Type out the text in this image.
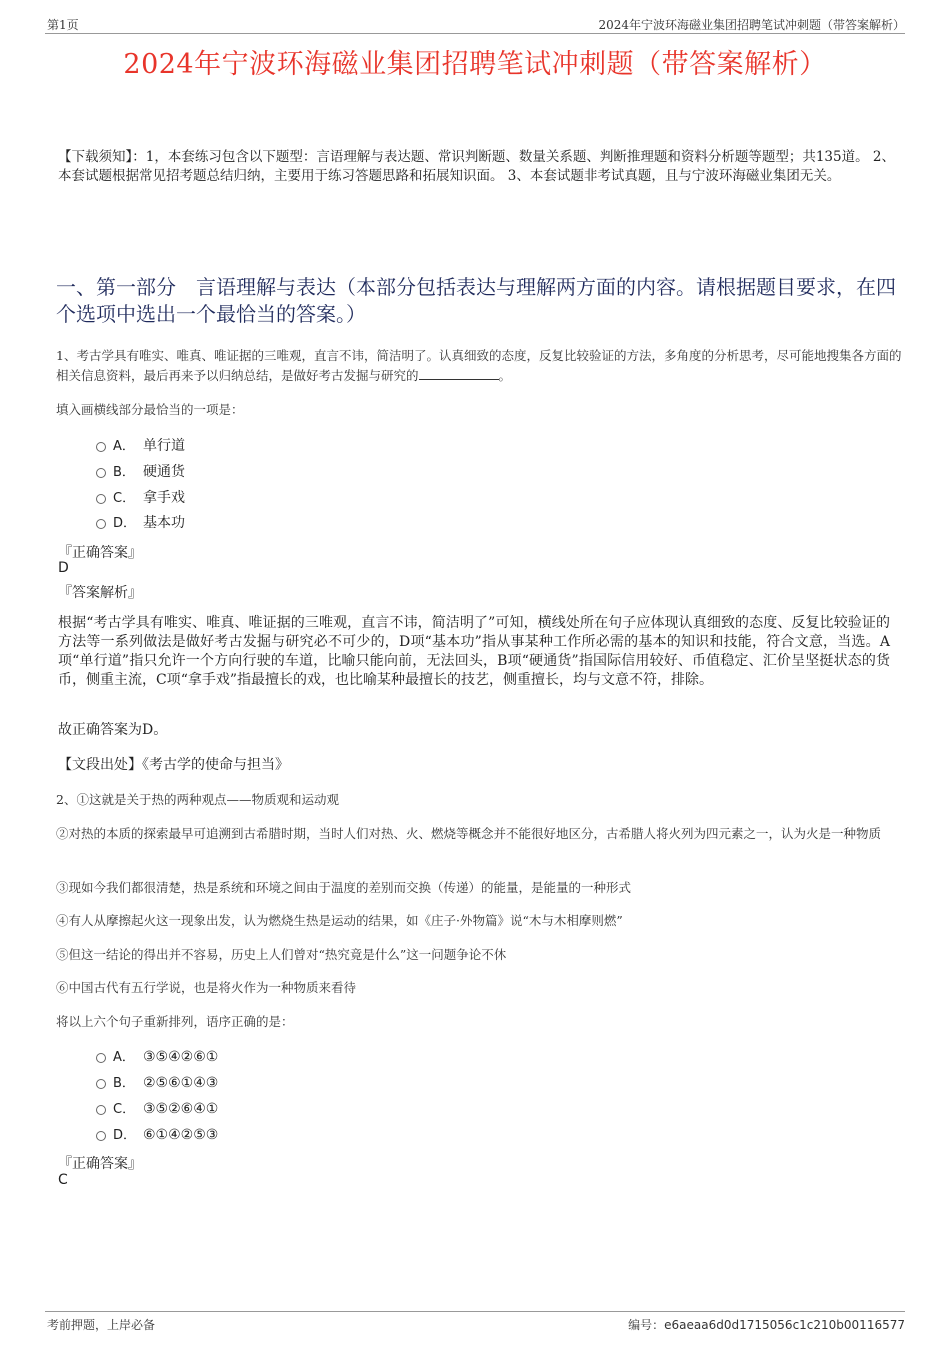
第1页	2024年宁波环海磁业集团招聘笔试冲刺题（带答案解析）
2024年宁波环海磁业集团招聘笔试冲刺题（带答案解析）
【下载须知】：1，本套练习包含以下题型：言语理解与表达题、常识判断题、数量关系题、判断推理题和资料分析题等题型；共135道。 2、本套试题根据常见招考题总结归纳，主要用于练习答题思路和拓展知识面。 3、本套试题非考试真题，且与宁波环海磁业集团无关。
一、第一部分　言语理解与表达（本部分包括表达与理解两方面的内容。请根据题目要求，在四个选项中选出一个最恰当的答案。）
1、考古学具有唯实、唯真、唯证据的三唯观，直言不讳，简洁明了。认真细致的态度，反复比较验证的方法，多角度的分析思考，尽可能地搜集各方面的相关信息资料，最后再来予以归纳总结，是做好考古发掘与研究的	。
填入画横线部分最恰当的一项是：
A． 单行道
B． 硬通货
C． 拿手戏
D． 基本功
『正确答案』
D
『答案解析』
根据“考古学具有唯实、唯真、唯证据的三唯观，直言不讳，简洁明了”可知，横线处所在句子应体现认真细致的态度、反复比较验证的方法等一系列做法是做好考古发掘与研究必不可少的，D项“基本功”指从事某种工作所必需的基本的知识和技能，符合文意，当选。A项“单行道”指只允许一个方向行驶的车道，比喻只能向前，无法回头，B项“硬通货”指国际信用较好、币值稳定、汇价呈坚挺状态的货币，侧重主流，C项“拿手戏”指最擅长的戏，也比喻某种最擅长的技艺，侧重擅长，均与文意不符，排除。
故正确答案为D。
【文段出处】《考古学的使命与担当》
2、①这就是关于热的两种观点——物质观和运动观
②对热的本质的探索最早可追溯到古希腊时期，当时人们对热、火、燃烧等概念并不能很好地区分，古希腊人将火列为四元素之一，认为火是一种物质
③现如今我们都很清楚，热是系统和环境之间由于温度的差别而交换（传递）的能量，是能量的一种形式
④有人从摩擦起火这一现象出发，认为燃烧生热是运动的结果，如《庄子·外物篇》说“木与木相摩则燃”
⑤但这一结论的得出并不容易，历史上人们曾对“热究竟是什么”这一问题争论不休
⑥中国古代有五行学说，也是将火作为一种物质来看待
将以上六个句子重新排列，语序正确的是：
A． ③⑤④②⑥①
B． ②⑤⑥①④③
C． ③⑤②⑥④①
D． ⑥①④②⑤③
『正确答案』
C
考前押题，上岸必备	编号：e6aeaa6d0d1715056c1c210b00116577
